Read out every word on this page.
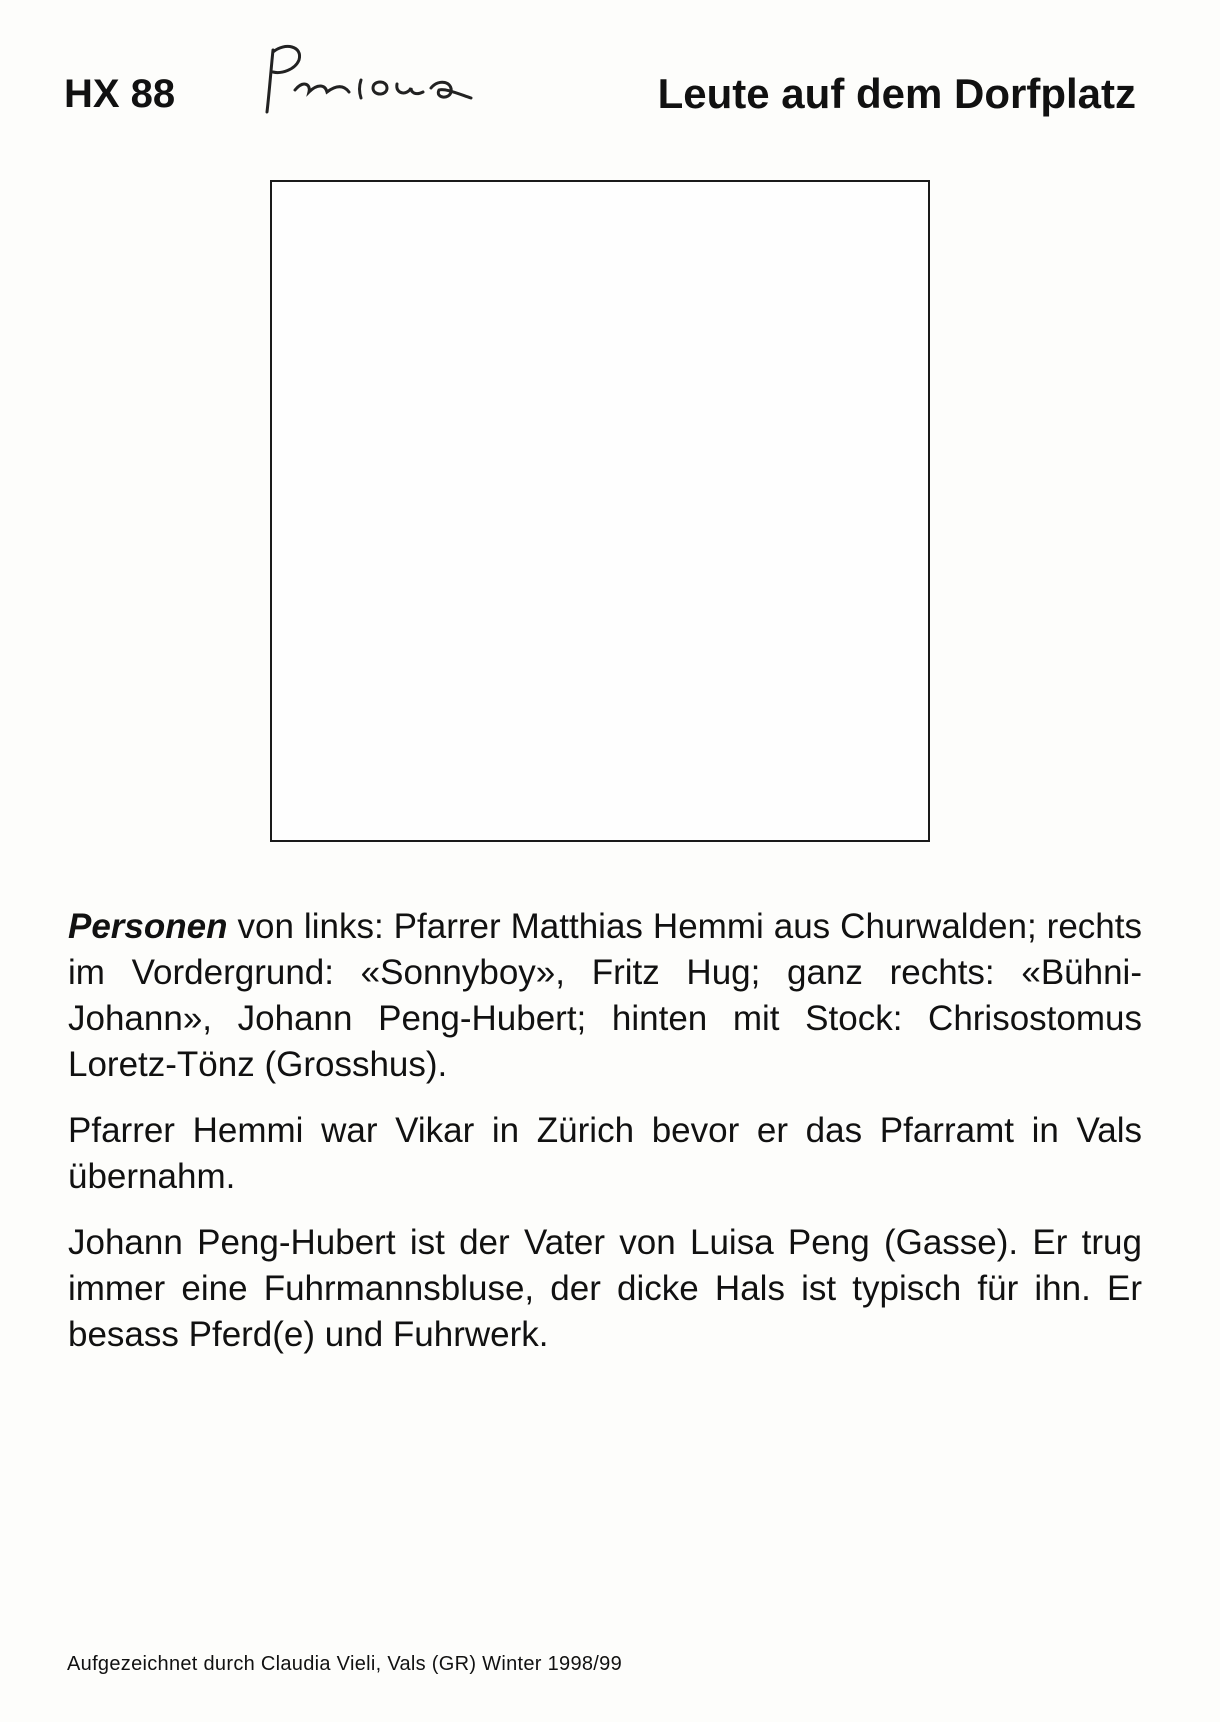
HX 88	Leute auf dem Dorfplatz

Personen von links: Pfarrer Matthias Hemmi aus Churwalden; rechts im Vordergrund: «Sonnyboy», Fritz Hug; ganz rechts: «Bühni-Johann», Johann Peng-Hubert; hinten mit Stock: Chrisostomus Loretz-Tönz (Grosshus).

Pfarrer Hemmi war Vikar in Zürich bevor er das Pfarramt in Vals übernahm.

Johann Peng-Hubert ist der Vater von Luisa Peng (Gasse). Er trug immer eine Fuhrmannsbluse, der dicke Hals ist typisch für ihn. Er besass Pferd(e) und Fuhrwerk.

Aufgezeichnet durch Claudia Vieli, Vals (GR) Winter 1998/99
